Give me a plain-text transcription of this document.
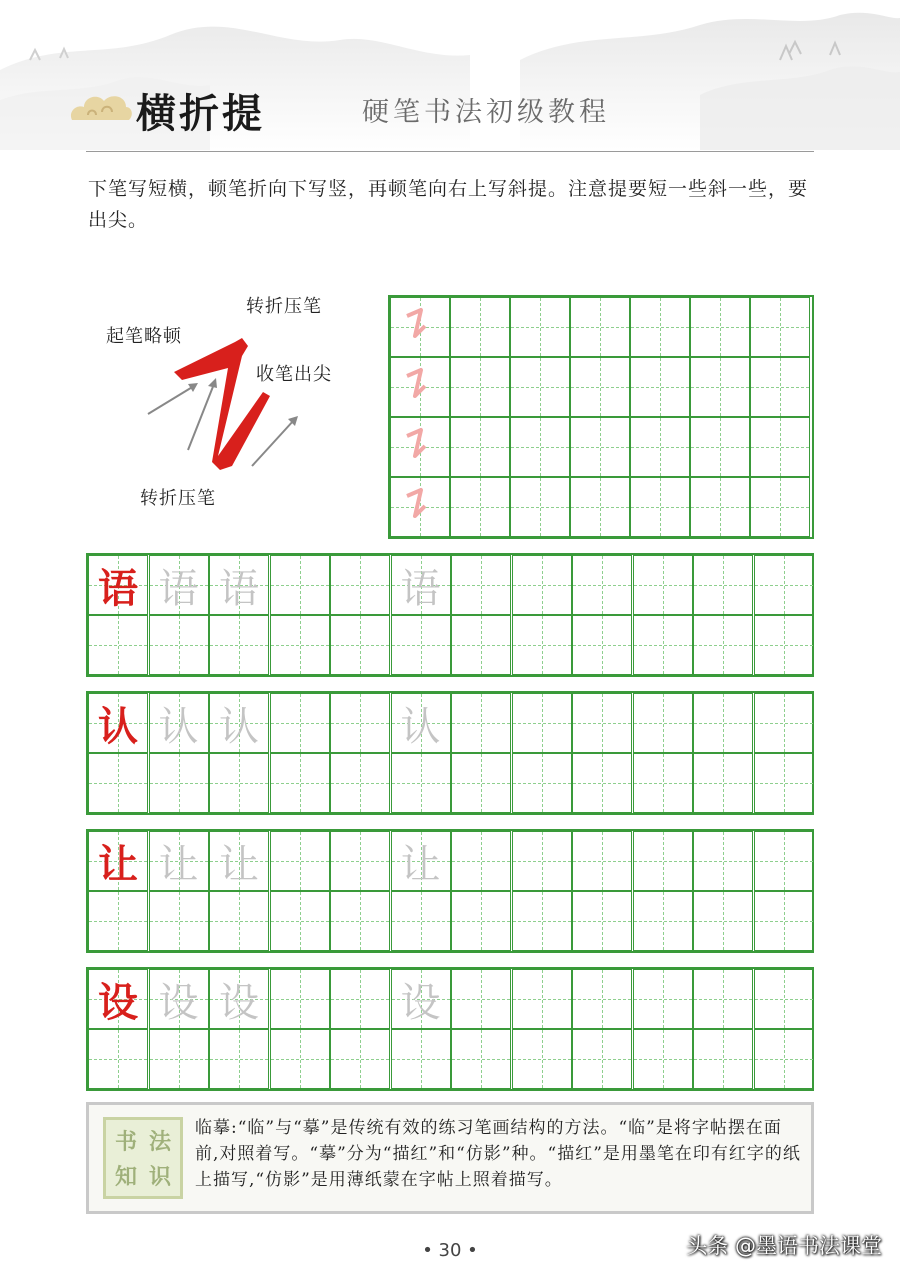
横折提	硬笔书法初级教程
下笔写短横，顿笔折向下写竖，再顿笔向右上写斜提。注意提要短一些斜一些，要出尖。
转折压笔
起笔略顿
收笔出尖
转折压笔
语 语 语	语
认 认 认	认
让 让 让	让
设 设 设	设
书 法
知 识
临摹:“临”与“摹”是传统有效的练习笔画结构的方法。“临”是将字帖摆在面前,对照着写。“摹”分为“描红”和“仿影”种。“描红”是用墨笔在印有红字的纸上描写,“仿影”是用薄纸蒙在字帖上照着描写。
• 30 •	头条 @墨语书法课堂
